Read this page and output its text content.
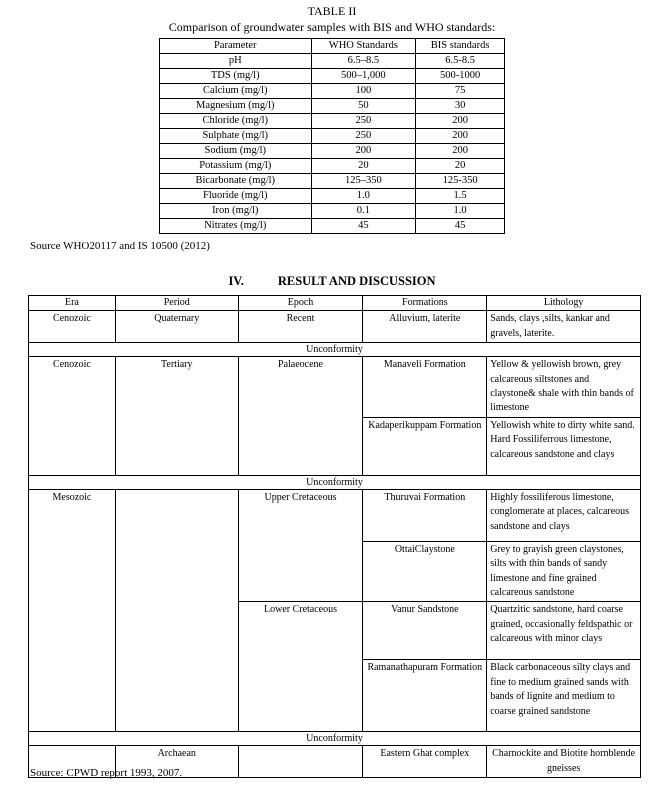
TABLE II
Comparison of groundwater samples with BIS and WHO standards:
Parameter	WHO Standards	BIS standards
pH	6.5–8.5	6.5-8.5
TDS (mg/l)	500–1,000	500-1000
Calcium (mg/l)	100	75
Magnesium (mg/l)	50	30
Chloride (mg/l)	250	200
Sulphate (mg/l)	250	200
Sodium (mg/l)	200	200
Potassium (mg/l)	20	20
Bicarbonate (mg/l)	125–350	125-350
Fluoride (mg/l)	1.0	1.5
Iron (mg/l)	0.1	1.0
Nitrates (mg/l)	45	45
Source WHO20117 and IS 10500 (2012)
IV.	RESULT AND DISCUSSION
Era	Period	Epoch	Formations	Lithology
Cenozoic	Quaternary	Recent	Alluvium, laterite	Sands, clays ,silts, kankar and gravels, laterite.
Unconformity				
Cenozoic	Tertiary	Palaeocene	Manaveli Formation	Yellow & yellowish brown, grey calcareous siltstones and claystone& shale with thin bands of limestone
			Kadaperikuppam Formation	Yellowish white to dirty white sand. Hard Fossiliferrous limestone, calcareous sandstone and clays
Unconformity				
Mesozoic		Upper Cretaceous	Thuruvai Formation	Highly fossiliferous limestone, conglomerate at places, calcareous sandstone and clays
			OttaiClaystone	Grey to grayish green claystones, silts with thin bands of sandy limestone and fine grained calcareous sandstone
		Lower Cretaceous	Vanur Sandstone	Quartzitic sandstone, hard coarse grained, occasionally feldspathic or calcareous with minor clays
			Ramanathapuram Formation	Black carbonaceous silty clays and fine to medium grained sands with bands of lignite and medium to coarse grained sandstone
Unconformity				
	Archaean		Eastern Ghat complex	Charnockite and Biotite hornblende gneisses
Source: CPWD report 1993, 2007.
